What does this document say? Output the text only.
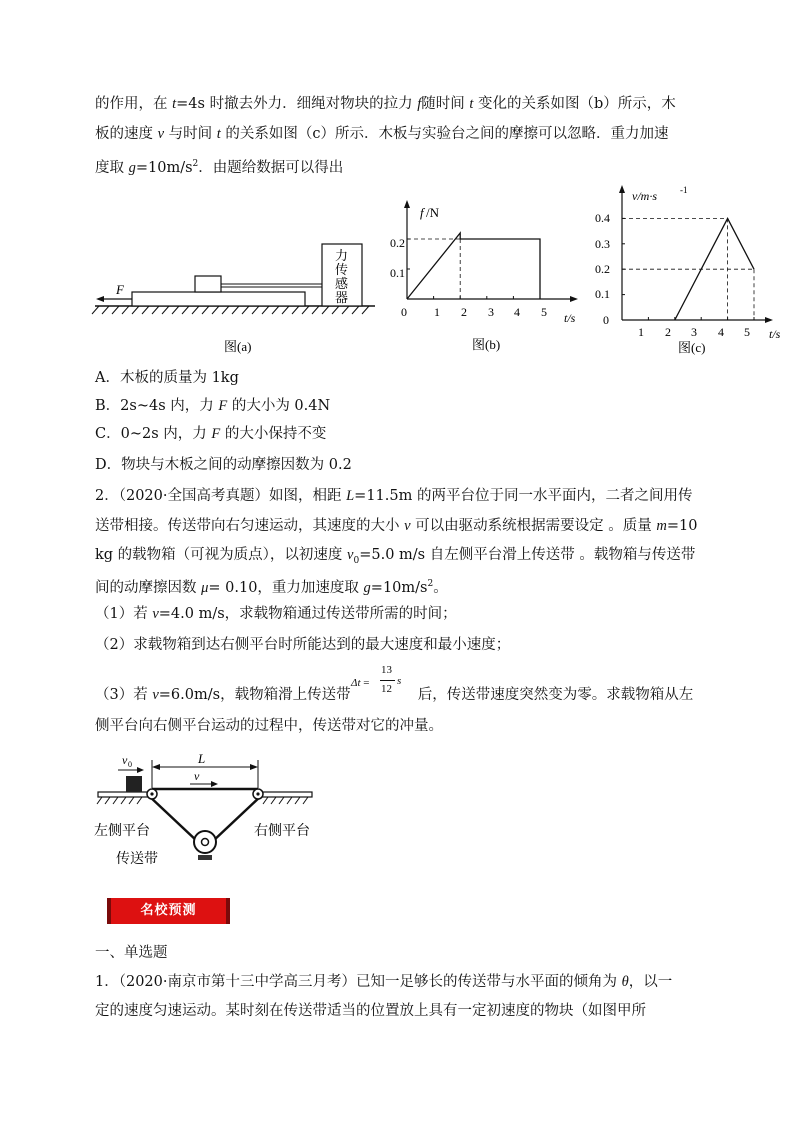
的作用，在 t=4s 时撤去外力．细绳对物块的拉力 f随时间 t 变化的关系如图（b）所示，木
板的速度 v 与时间 t 的关系如图（c）所示．木板与实验台之间的摩擦可以忽略．重力加速
度取 $g=10m/s^2$．由题给数据可以得出
F
力
传
感
器
图(a)
f /N
0.2
0.1
0 1 2 3 4 5 t/s
图(b)
v/m·s	-1
0.4
0.3
0.2
0.1
0
1 2 3 4 5 t/s
图(c)
A．木板的质量为 1kg
B．2s~4s 内，力 F 的大小为 0.4N
C．0~2s 内，力 F 的大小保持不变
D．物块与木板之间的动摩擦因数为 0.2
2．（2020·全国高考真题）如图，相距 L=11.5m 的两平台位于同一水平面内，二者之间用传
送带相接。传送带向右匀速运动，其速度的大小 v 可以由驱动系统根据需要设定 。质量 m=10
kg 的载物箱（可视为质点），以初速度 $v_0=5.0$ m/s 自左侧平台滑上传送带 。载物箱与传送带
间的动摩擦因数 μ= 0.10，重力加速度取 $g=10m/s^2$。
（1）若 v=4.0 m/s，求载物箱通过传送带所需的时间；
（2）求载物箱到达右侧平台时所能达到的最大速度和最小速度；
（3）若 v=6.0m/s，载物箱滑上传送带	后，传送带速度突然变为零。求载物箱从左
Δt =
13
12
s
侧平台向右侧平台运动的过程中，传送带对它的冲量。
L
v 0
v
左侧平台	右侧平台
传送带
名校预测
一、单选题
1．（2020·南京市第十三中学高三月考）已知一足够长的传送带与水平面的倾角为 θ，以一
定的速度匀速运动。某时刻在传送带适当的位置放上具有一定初速度的物块（如图甲所
